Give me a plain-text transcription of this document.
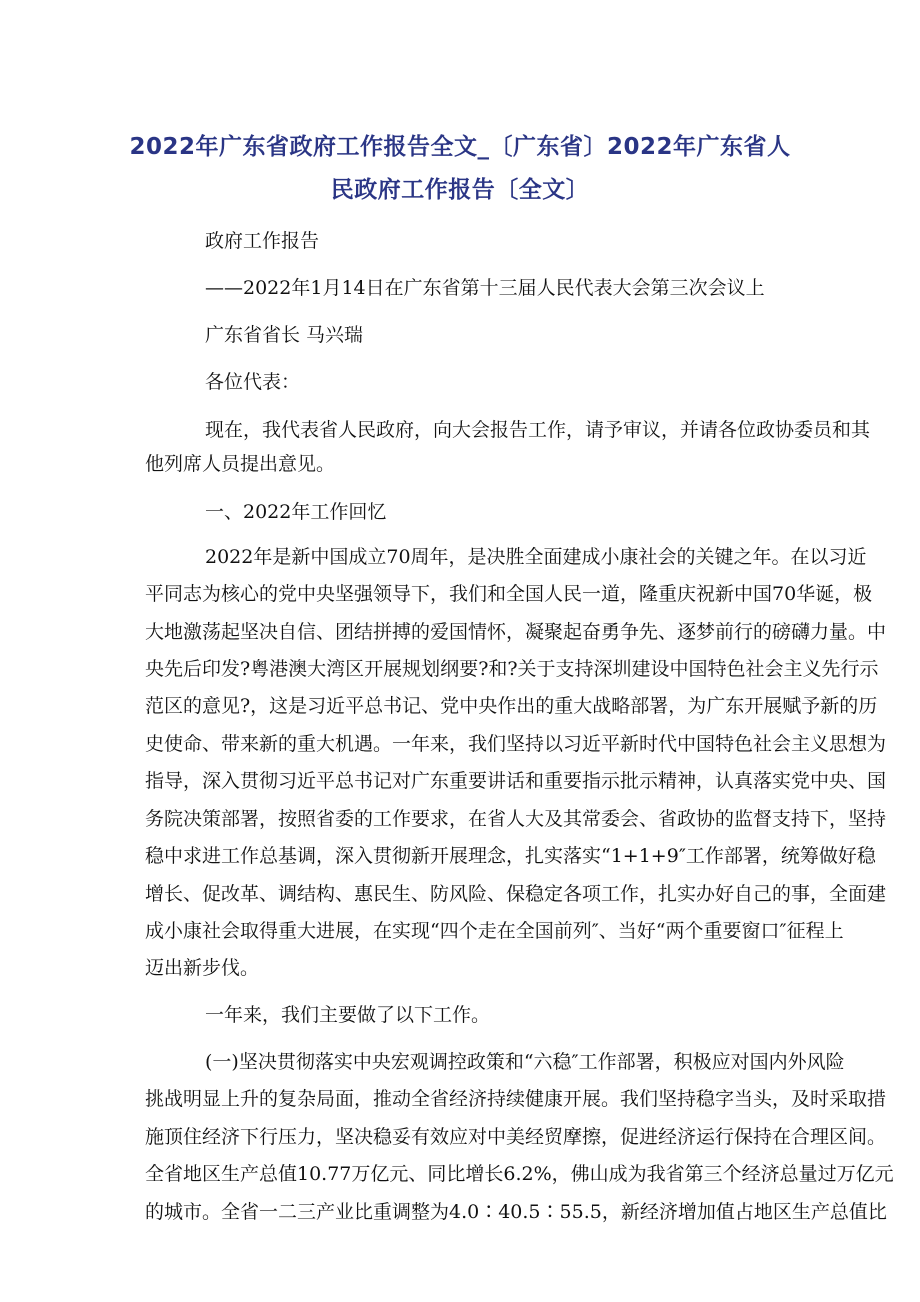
2022年广东省政府工作报告全文_〔广东省〕2022年广东省人
民政府工作报告〔全文〕
政府工作报告
——2022年1月14日在广东省第十三届人民代表大会第三次会议上
广东省省长 马兴瑞
各位代表：
现在，我代表省人民政府，向大会报告工作，请予审议，并请各位政协委员和其
他列席人员提出意见。
一、2022年工作回忆
2022年是新中国成立70周年，是决胜全面建成小康社会的关键之年。在以习近
平同志为核心的党中央坚强领导下，我们和全国人民一道，隆重庆祝新中国70华诞，极
大地激荡起坚决自信、团结拼搏的爱国情怀，凝聚起奋勇争先、逐梦前行的磅礴力量。中
央先后印发?粤港澳大湾区开展规划纲要?和?关于支持深圳建设中国特色社会主义先行示
范区的意见?，这是习近平总书记、党中央作出的重大战略部署，为广东开展赋予新的历
史使命、带来新的重大机遇。一年来，我们坚持以习近平新时代中国特色社会主义思想为
指导，深入贯彻习近平总书记对广东重要讲话和重要指示批示精神，认真落实党中央、国
务院决策部署，按照省委的工作要求，在省人大及其常委会、省政协的监督支持下，坚持
稳中求进工作总基调，深入贯彻新开展理念，扎实落实“1+1+9″工作部署，统筹做好稳
增长、促改革、调结构、惠民生、防风险、保稳定各项工作，扎实办好自己的事，全面建
成小康社会取得重大进展，在实现“四个走在全国前列″、当好“两个重要窗口″征程上
迈出新步伐。
一年来，我们主要做了以下工作。
(一)坚决贯彻落实中央宏观调控政策和“六稳″工作部署，积极应对国内外风险
挑战明显上升的复杂局面，推动全省经济持续健康开展。我们坚持稳字当头，及时采取措
施顶住经济下行压力，坚决稳妥有效应对中美经贸摩擦，促进经济运行保持在合理区间。
全省地区生产总值10.77万亿元、同比增长6.2%，佛山成为我省第三个经济总量过万亿元
的城市。全省一二三产业比重调整为4.0∶40.5∶55.5，新经济增加值占地区生产总值比
